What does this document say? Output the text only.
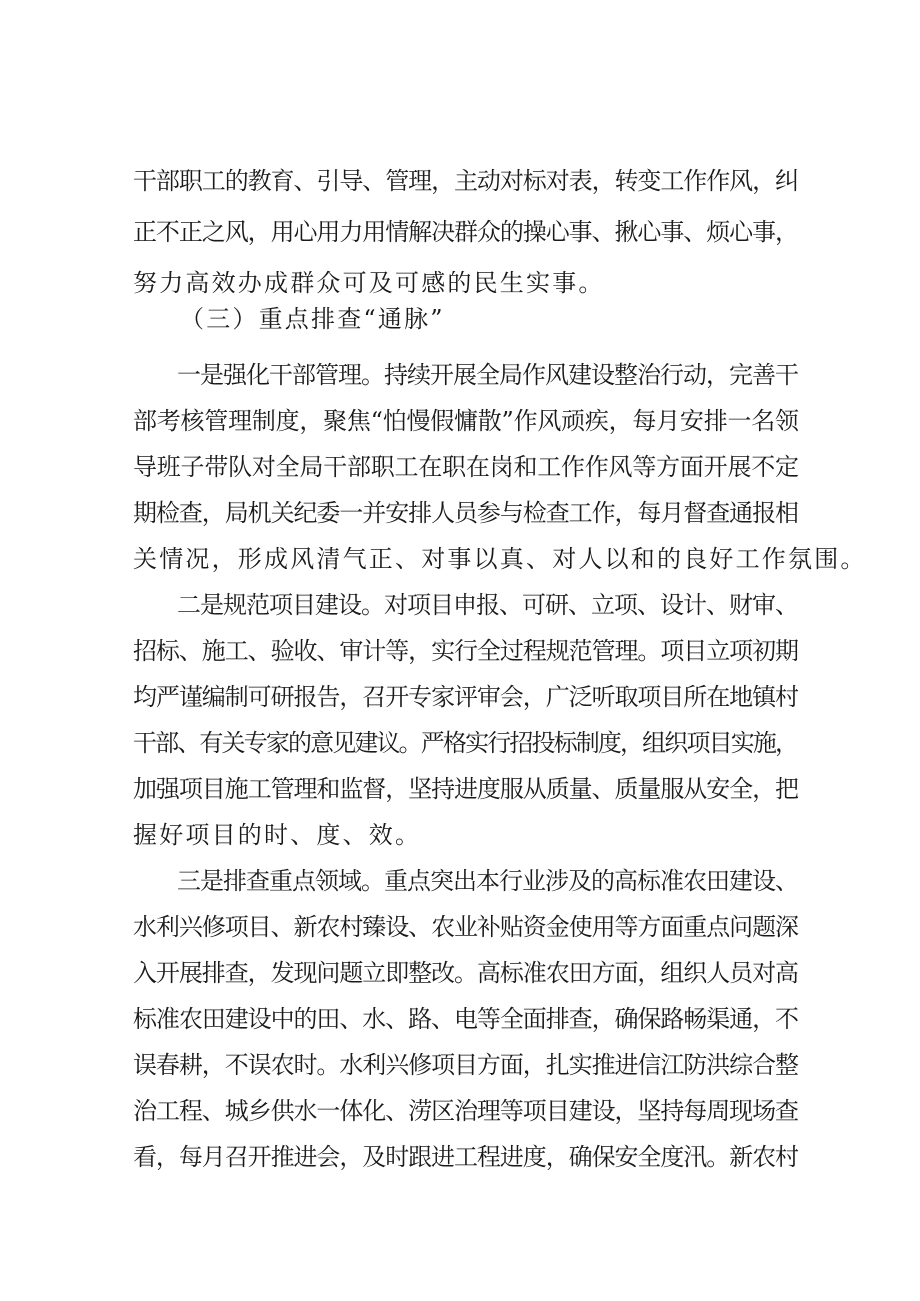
干部职工的教育、引导、管理，主动对标对表，转变工作作风，纠
正不正之风，用心用力用情解决群众的操心事、揪心事、烦心事，
努力高效办成群众可及可感的民生实事。
（三）重点排查“通脉”
一是强化干部管理。持续开展全局作风建设整治行动，完善干
部考核管理制度，聚焦“怕慢假慵散”作风顽疾，每月安排一名领
导班子带队对全局干部职工在职在岗和工作作风等方面开展不定
期检查，局机关纪委一并安排人员参与检查工作，每月督查通报相
关情况，形成风清气正、对事以真、对人以和的良好工作氛围。
二是规范项目建设。对项目申报、可研、立项、设计、财审、
招标、施工、验收、审计等，实行全过程规范管理。项目立项初期
均严谨编制可研报告，召开专家评审会，广泛听取项目所在地镇村
干部、有关专家的意见建议。严格实行招投标制度，组织项目实施，
加强项目施工管理和监督，坚持进度服从质量、质量服从安全，把
握好项目的时、度、效。
三是排查重点领域。重点突出本行业涉及的高标准农田建设、
水利兴修项目、新农村臻设、农业补贴资金使用等方面重点问题深
入开展排查，发现问题立即整改。高标准农田方面，组织人员对高
标准农田建设中的田、水、路、电等全面排查，确保路畅渠通，不
误春耕，不误农时。水利兴修项目方面，扎实推进信江防洪综合整
治工程、城乡供水一体化、涝区治理等项目建设，坚持每周现场查
看，每月召开推进会，及时跟进工程进度，确保安全度汛。新农村
